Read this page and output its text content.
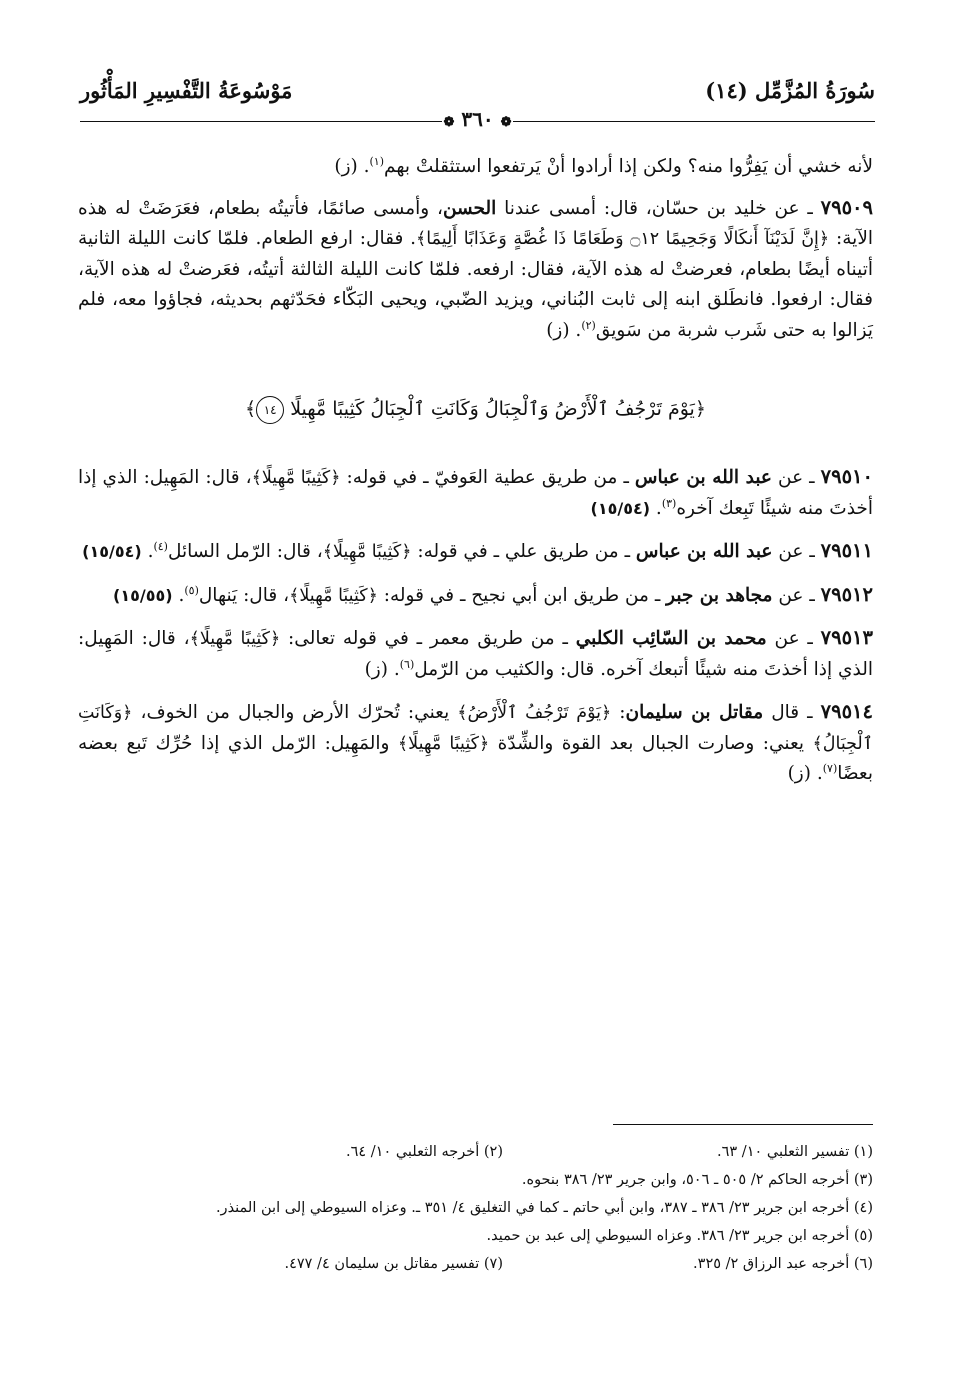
سُورَةُ المُزَّمِّل (١٤)
مَوْسُوعَةُ التَّفْسِيرِ المَأْثُور
❁ ٣٦٠ ❁

لأنه خشي أن يَفِرُّوا منه؟ ولكن إذا أرادوا أنْ يَرتفعوا استثقلتْ بهم$^{(١)}$. (ز)

٧٩٥٠٩ ـ عن خليد بن حسّان، قال: أمسى عندنا الحسن، وأمسى صائمًا، فأتيتُه بطعام، فعَرَضَتْ له هذه الآية: ﴿إِنَّ لَدَيْنَآ أَنكَالًا وَجَحِيمًا ۝١٢ وَطَعَامًا ذَا غُصَّةٍ وَعَذَابًا أَلِيمًا﴾. فقال: ارفع الطعام. فلمّا كانت الليلة الثانية أتيناه أيضًا بطعام، فعرضتْ له هذه الآية، فقال: ارفعه. فلمّا كانت الليلة الثالثة أتيتُه، فعَرضتْ له هذه الآية، فقال: ارفعوا. فانطَلق ابنه إلى ثابت البُناني، ويزيد الضّبي، ويحيى البَكّاء فحَدّثهم بحديثه، فجاؤوا معه، فلم يَزالوا به حتى شَرب شربة من سَويق$^{(٢)}$. (ز)

﴿يَوْمَ تَرْجُفُ ٱلْأَرْضُ وَٱلْجِبَالُ وَكَانَتِ ٱلْجِبَالُ كَثِيبًا مَّهِيلًا ١٤﴾

٧٩٥١٠ ـ عن عبد الله بن عباس ـ من طريق عطية العَوفيّ ـ في قوله: ﴿كَثِيبًا مَّهِيلًا﴾، قال: المَهِيل: الذي إذا أخذتَ منه شيئًا تَبِعك آخره$^{(٣)}$. (١٥/٥٤)

٧٩٥١١ ـ عن عبد الله بن عباس ـ من طريق علي ـ في قوله: ﴿كَثِيبًا مَّهِيلًا﴾، قال: الرّمل السائل$^{(٤)}$. (١٥/٥٤)

٧٩٥١٢ ـ عن مجاهد بن جبر ـ من طريق ابن أبي نجيح ـ في قوله: ﴿كَثِيبًا مَّهِيلًا﴾، قال: يَنهال$^{(٥)}$. (١٥/٥٥)

٧٩٥١٣ ـ عن محمد بن السّائِب الكلبي ـ من طريق معمر ـ في قوله تعالى: ﴿كَثِيبًا مَّهِيلًا﴾، قال: المَهِيل: الذي إذا أخذتَ منه شيئًا أتبعك آخره. قال: والكثيب من الرّمل$^{(٦)}$. (ز)

٧٩٥١٤ ـ قال مقاتل بن سليمان: ﴿يَوْمَ تَرْجُفُ ٱلْأَرْضُ﴾ يعني: تُحرّك الأرض والجبال من الخوف، ﴿وَكَانَتِ ٱلْجِبَالُ﴾ يعني: وصارت الجبال بعد القوة والشِّدّة ﴿كَثِيبًا مَّهِيلًا﴾ والمَهِيل: الرّمل الذي إذا حُرِّك تَبع بعضه بعضًا$^{(٧)}$. (ز)

(١) تفسير الثعلبي ١٠/ ٦٣.
(٢) أخرجه الثعلبي ١٠/ ٦٤.
(٣) أخرجه الحاكم ٢/ ٥٠٥ ـ ٥٠٦، وابن جرير ٢٣/ ٣٨٦ بنحوه.
(٤) أخرجه ابن جرير ٢٣/ ٣٨٦ ـ ٣٨٧، وابن أبي حاتم ـ كما في التغليق ٤/ ٣٥١ ـ. وعزاه السيوطي إلى ابن المنذر.
(٥) أخرجه ابن جرير ٢٣/ ٣٨٦. وعزاه السيوطي إلى عبد بن حميد.
(٦) أخرجه عبد الرزاق ٢/ ٣٢٥.
(٧) تفسير مقاتل بن سليمان ٤/ ٤٧٧.
